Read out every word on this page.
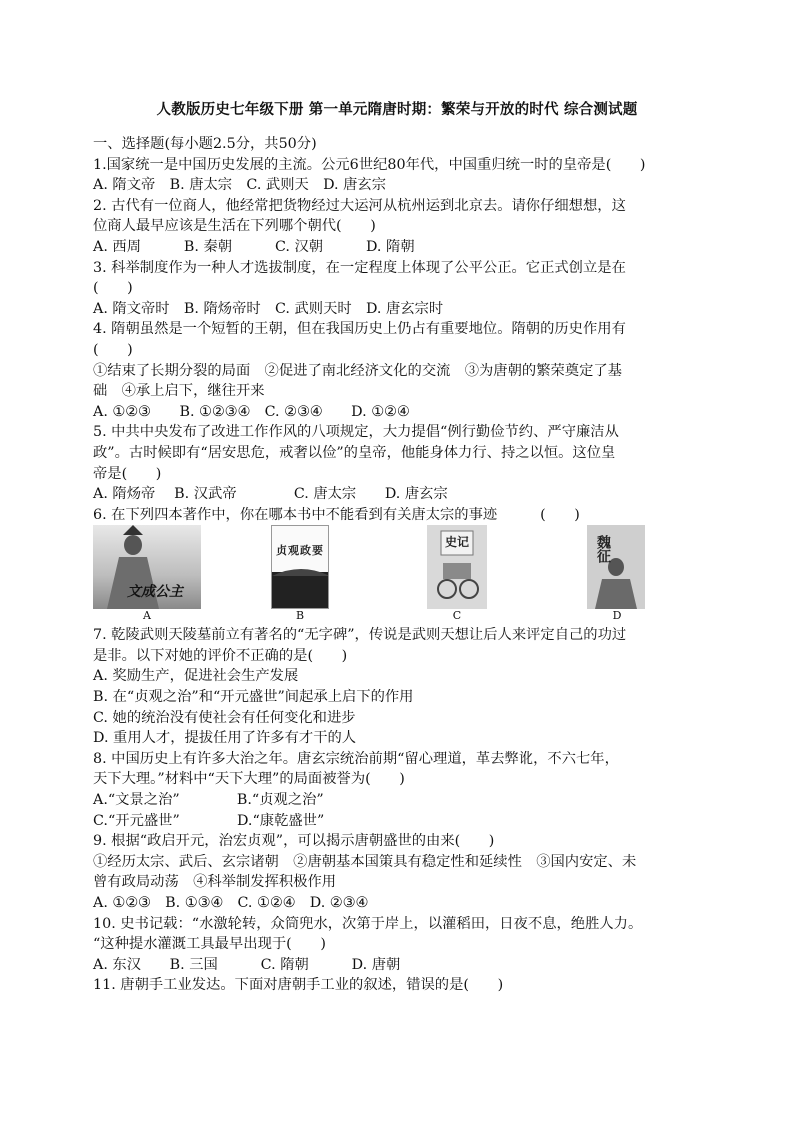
人教版历史七年级下册 第一单元隋唐时期：繁荣与开放的时代 综合测试题
一、选择题(每小题2.5分，共50分)
1.国家统一是中国历史发展的主流。公元6世纪80年代，中国重归统一时的皇帝是(　　)
A. 隋文帝　B. 唐太宗　C. 武则天　D. 唐玄宗
2. 古代有一位商人，他经常把货物经过大运河从杭州运到北京去。请你仔细想想，这
位商人最早应该是生活在下列哪个朝代(　　)
A. 西周　　　B. 秦朝　　　C. 汉朝　　　D. 隋朝
3. 科举制度作为一种人才选拔制度，在一定程度上体现了公平公正。它正式创立是在
(　　)
A. 隋文帝时　B. 隋炀帝时　C. 武则天时　D. 唐玄宗时
4. 隋朝虽然是一个短暂的王朝，但在我国历史上仍占有重要地位。隋朝的历史作用有
(　　)
①结束了长期分裂的局面　②促进了南北经济文化的交流　③为唐朝的繁荣奠定了基
础　④承上启下，继往开来
A. ①②③　　B. ①②③④　C. ②③④　　D. ①②④
5. 中共中央发布了改进工作作风的八项规定，大力提倡“例行勤俭节约、严守廉洁从
政”。古时候即有“居安思危，戒奢以俭”的皇帝，他能身体力行、持之以恒。这位皇
帝是(　　)
A. 隋炀帝　 B. 汉武帝　　　　C. 唐太宗　　D. 唐玄宗
6. 在下列四本著作中，你在哪本书中不能看到有关唐太宗的事迹　　　(　　)
文成公主
A
贞观政要
B
史记
C
魏征
D
7. 乾陵武则天陵墓前立有著名的“无字碑”，传说是武则天想让后人来评定自己的功过
是非。以下对她的评价不正确的是(　　)
A. 奖励生产，促进社会生产发展
B. 在“贞观之治”和“开元盛世”间起承上启下的作用
C. 她的统治没有使社会有任何变化和进步
D. 重用人才，提拔任用了许多有才干的人
8. 中国历史上有许多大治之年。唐玄宗统治前期“留心理道，革去弊讹，不六七年，
天下大理。”材料中“天下大理”的局面被誉为(　　)
A.“文景之治”　　　　B.“贞观之治”
C.“开元盛世”　　　　D.“康乾盛世”
9. 根据“政启开元，治宏贞观”，可以揭示唐朝盛世的由来(　　)
①经历太宗、武后、玄宗诸朝　②唐朝基本国策具有稳定性和延续性　③国内安定、未
曾有政局动荡　④科举制发挥积极作用
A. ①②③　B. ①③④　C. ①②④　D. ②③④
10. 史书记载：“水激轮转，众筒兜水，次第于岸上，以灌稻田，日夜不息，绝胜人力。
“这种提水灌溉工具最早出现于(　　)
A. 东汉　　B. 三国　　　C. 隋朝　　　D. 唐朝
11. 唐朝手工业发达。下面对唐朝手工业的叙述，错误的是(　　)
